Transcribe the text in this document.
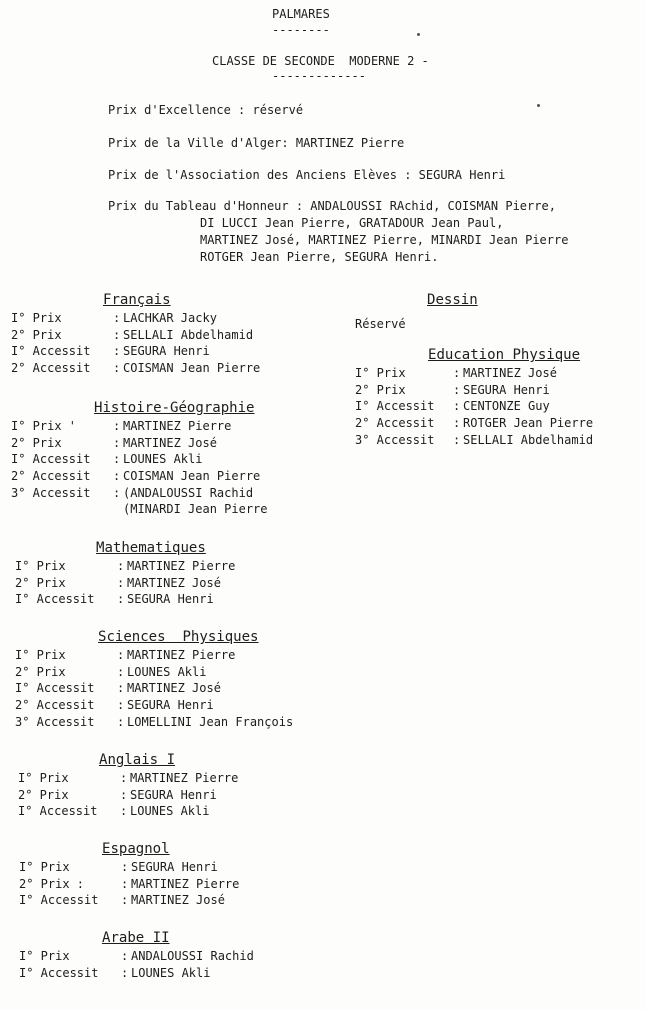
PALMARES
--------
CLASSE DE SECONDE  MODERNE 2 -
-------------
Prix d'Excellence : réservé
Prix de la Ville d'Alger: MARTINEZ Pierre
Prix de l'Association des Anciens Elèves : SEGURA Henri
Prix du Tableau d'Honneur : ANDALOUSSI RAchid, COISMAN Pierre,
DI LUCCI Jean Pierre, GRATADOUR Jean Paul,
MARTINEZ José, MARTINEZ Pierre, MINARDI Jean Pierre
ROTGER Jean Pierre, SEGURA Henri.
Français
I° Prix	: LACHKAR Jacky
2° Prix	: SELLALI Abdelhamid
I° Accessit	: SEGURA Henri
2° Accessit	: COISMAN Jean Pierre
Histoire-Géographie
I° Prix '	: MARTINEZ Pierre
2° Prix	: MARTINEZ José
I° Accessit	: LOUNES Akli
2° Accessit	: COISMAN Jean Pierre
3° Accessit	: (ANDALOUSSI Rachid
(MINARDI Jean Pierre
Mathematiques
I° Prix	: MARTINEZ Pierre
2° Prix	: MARTINEZ José
I° Accessit	: SEGURA Henri
Sciences  Physiques
I° Prix	: MARTINEZ Pierre
2° Prix	: LOUNES Akli
I° Accessit	: MARTINEZ José
2° Accessit	: SEGURA Henri
3° Accessit	: LOMELLINI Jean François
Anglais I
I° Prix	: MARTINEZ Pierre
2° Prix	: SEGURA Henri
I° Accessit	: LOUNES Akli
Espagnol
I° Prix	: SEGURA Henri
2° Prix :	: MARTINEZ Pierre
I° Accessit	: MARTINEZ José
Arabe II
I° Prix	: ANDALOUSSI Rachid
I° Accessit	: LOUNES Akli
Dessin
Réservé
Education Physique
I° Prix	: MARTINEZ José
2° Prix	: SEGURA Henri
I° Accessit	: CENTONZE Guy
2° Accessit	: ROTGER Jean Pierre
3° Accessit	: SELLALI Abdelhamid
